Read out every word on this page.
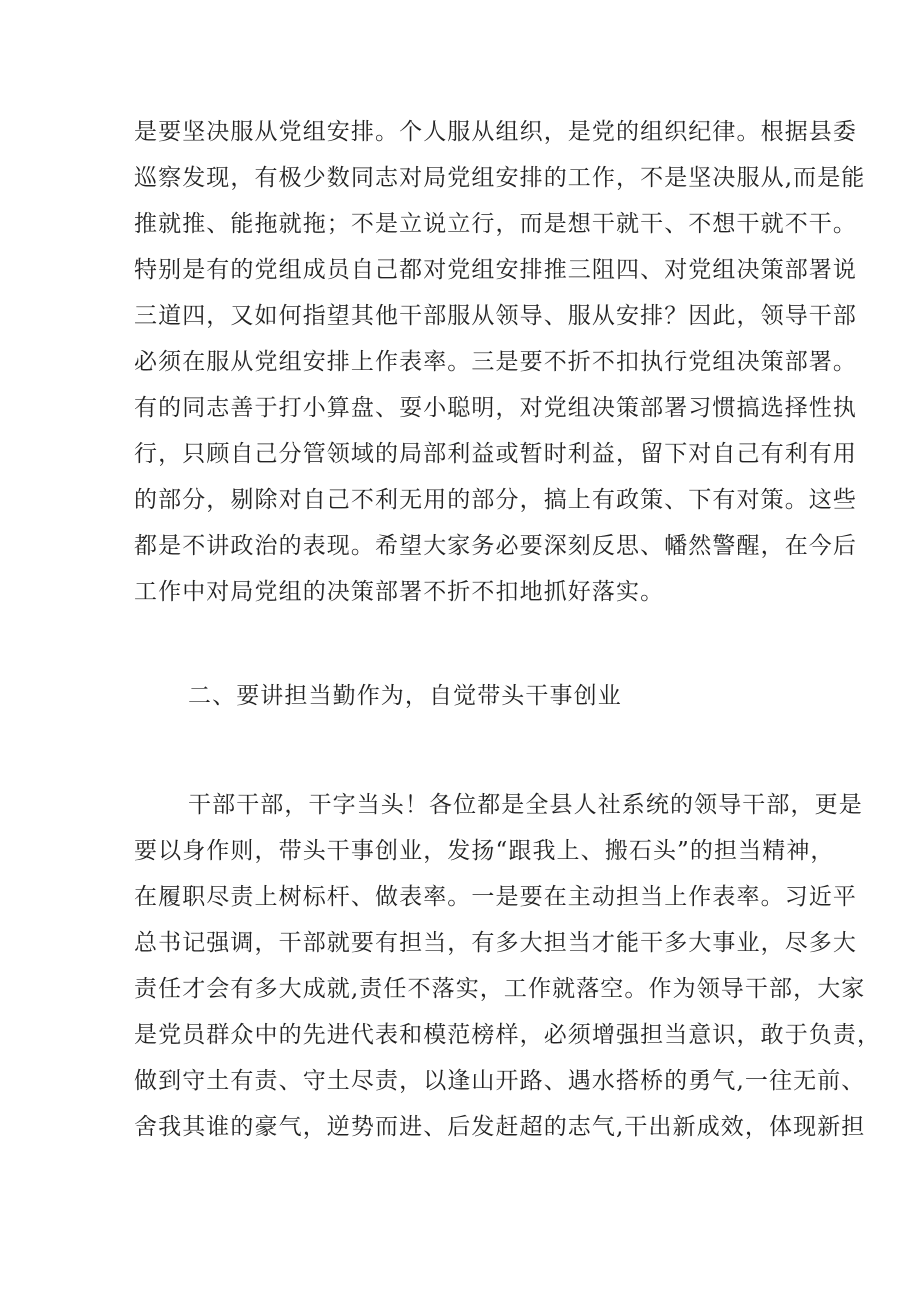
是要坚决服从党组安排。个人服从组织，是党的组织纪律。根据县委
巡察发现，有极少数同志对局党组安排的工作，不是坚决服从,而是能
推就推、能拖就拖；不是立说立行，而是想干就干、不想干就不干。
特别是有的党组成员自己都对党组安排推三阻四、对党组决策部署说
三道四，又如何指望其他干部服从领导、服从安排？因此，领导干部
必须在服从党组安排上作表率。三是要不折不扣执行党组决策部署。
有的同志善于打小算盘、耍小聪明，对党组决策部署习惯搞选择性执
行，只顾自己分管领域的局部利益或暂时利益，留下对自己有利有用
的部分，剔除对自己不利无用的部分，搞上有政策、下有对策。这些
都是不讲政治的表现。希望大家务必要深刻反思、幡然警醒，在今后
工作中对局党组的决策部署不折不扣地抓好落实。
二、要讲担当勤作为，自觉带头干事创业
干部干部，干字当头！各位都是全县人社系统的领导干部，更是
要以身作则，带头干事创业，发扬“跟我上、搬石头”的担当精神，
在履职尽责上树标杆、做表率。一是要在主动担当上作表率。习近平
总书记强调，干部就要有担当，有多大担当才能干多大事业，尽多大
责任才会有多大成就,责任不落实，工作就落空。作为领导干部，大家
是党员群众中的先进代表和模范榜样，必须增强担当意识，敢于负责，
做到守土有责、守土尽责，以逢山开路、遇水搭桥的勇气,一往无前、
舍我其谁的豪气，逆势而进、后发赶超的志气,干出新成效，体现新担
